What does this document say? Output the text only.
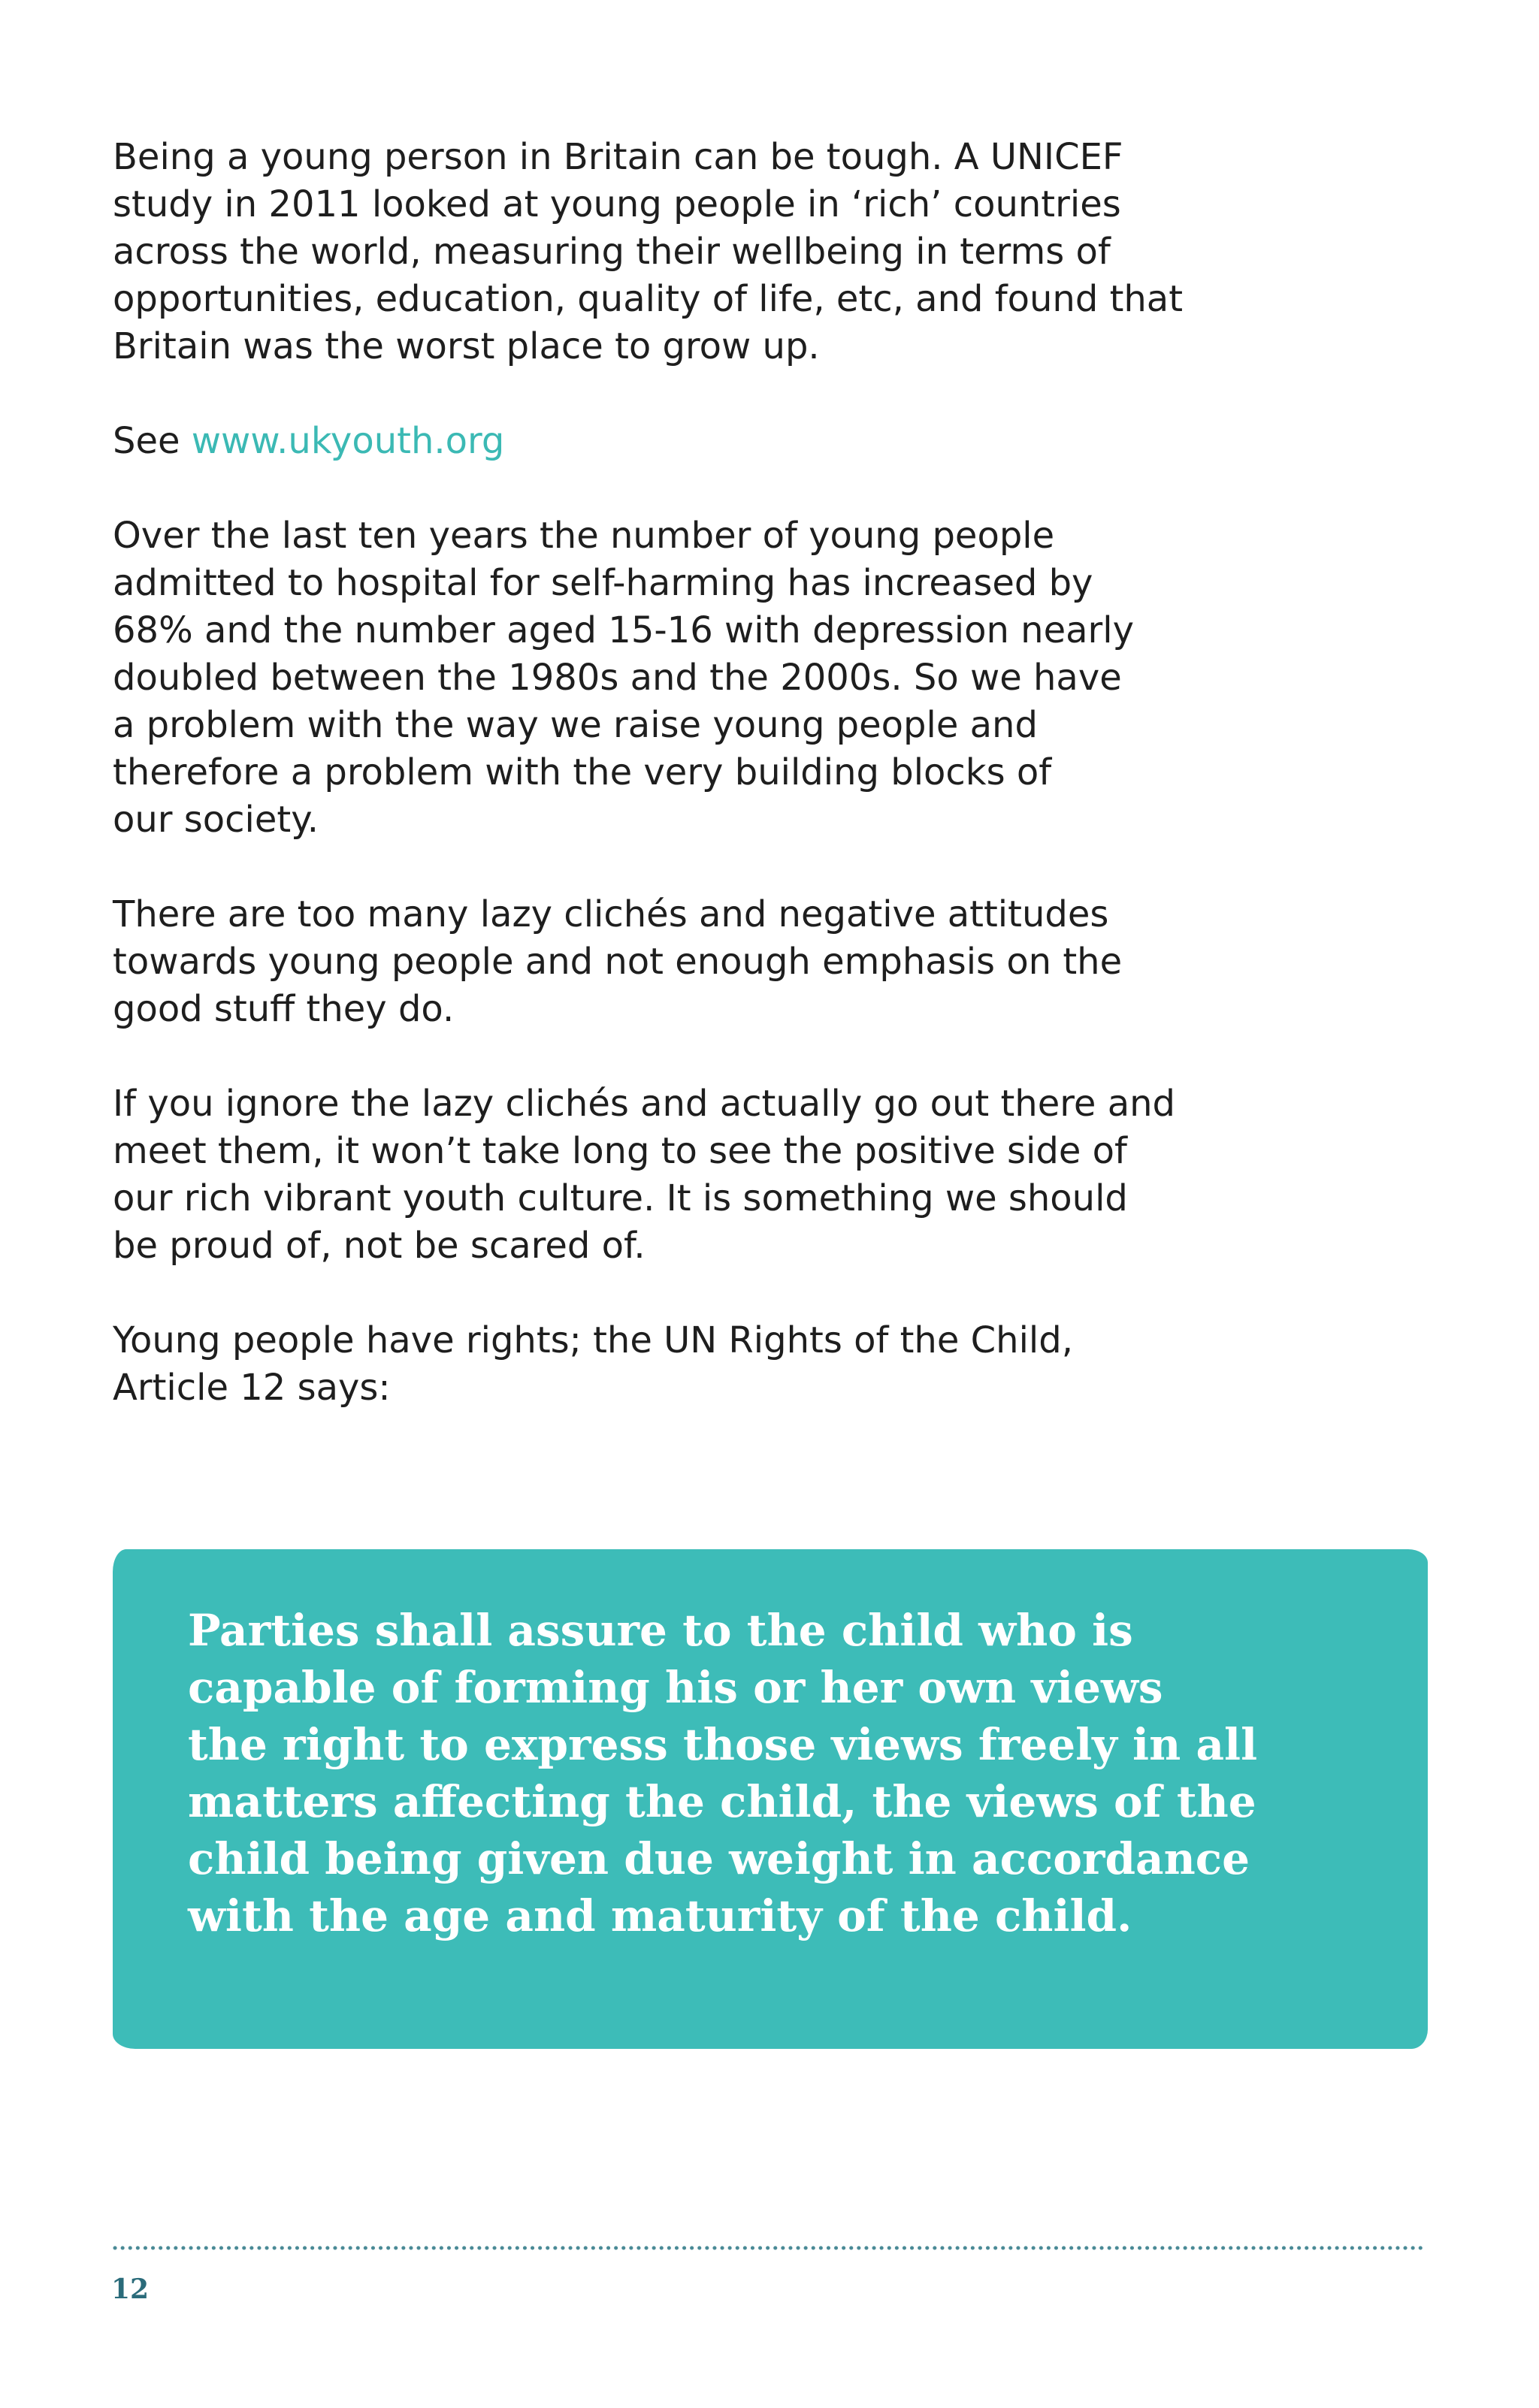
Being a young person in Britain can be tough. A UNICEF
study in 2011 looked at young people in ‘rich’ countries
across the world, measuring their wellbeing in terms of
opportunities, education, quality of life, etc, and found that
Britain was the worst place to grow up.

See www.ukyouth.org

Over the last ten years the number of young people
admitted to hospital for self-harming has increased by
68% and the number aged 15-16 with depression nearly
doubled between the 1980s and the 2000s. So we have
a problem with the way we raise young people and
therefore a problem with the very building blocks of
our society.

There are too many lazy clichés and negative attitudes
towards young people and not enough emphasis on the
good stuff they do.

If you ignore the lazy clichés and actually go out there and
meet them, it won’t take long to see the positive side of
our rich vibrant youth culture. It is something we should
be proud of, not be scared of.

Young people have rights; the UN Rights of the Child,
Article 12 says:

Parties shall assure to the child who is
capable of forming his or her own views
the right to express those views freely in all
matters affecting the child, the views of the
child being given due weight in accordance
with the age and maturity of the child.

12
